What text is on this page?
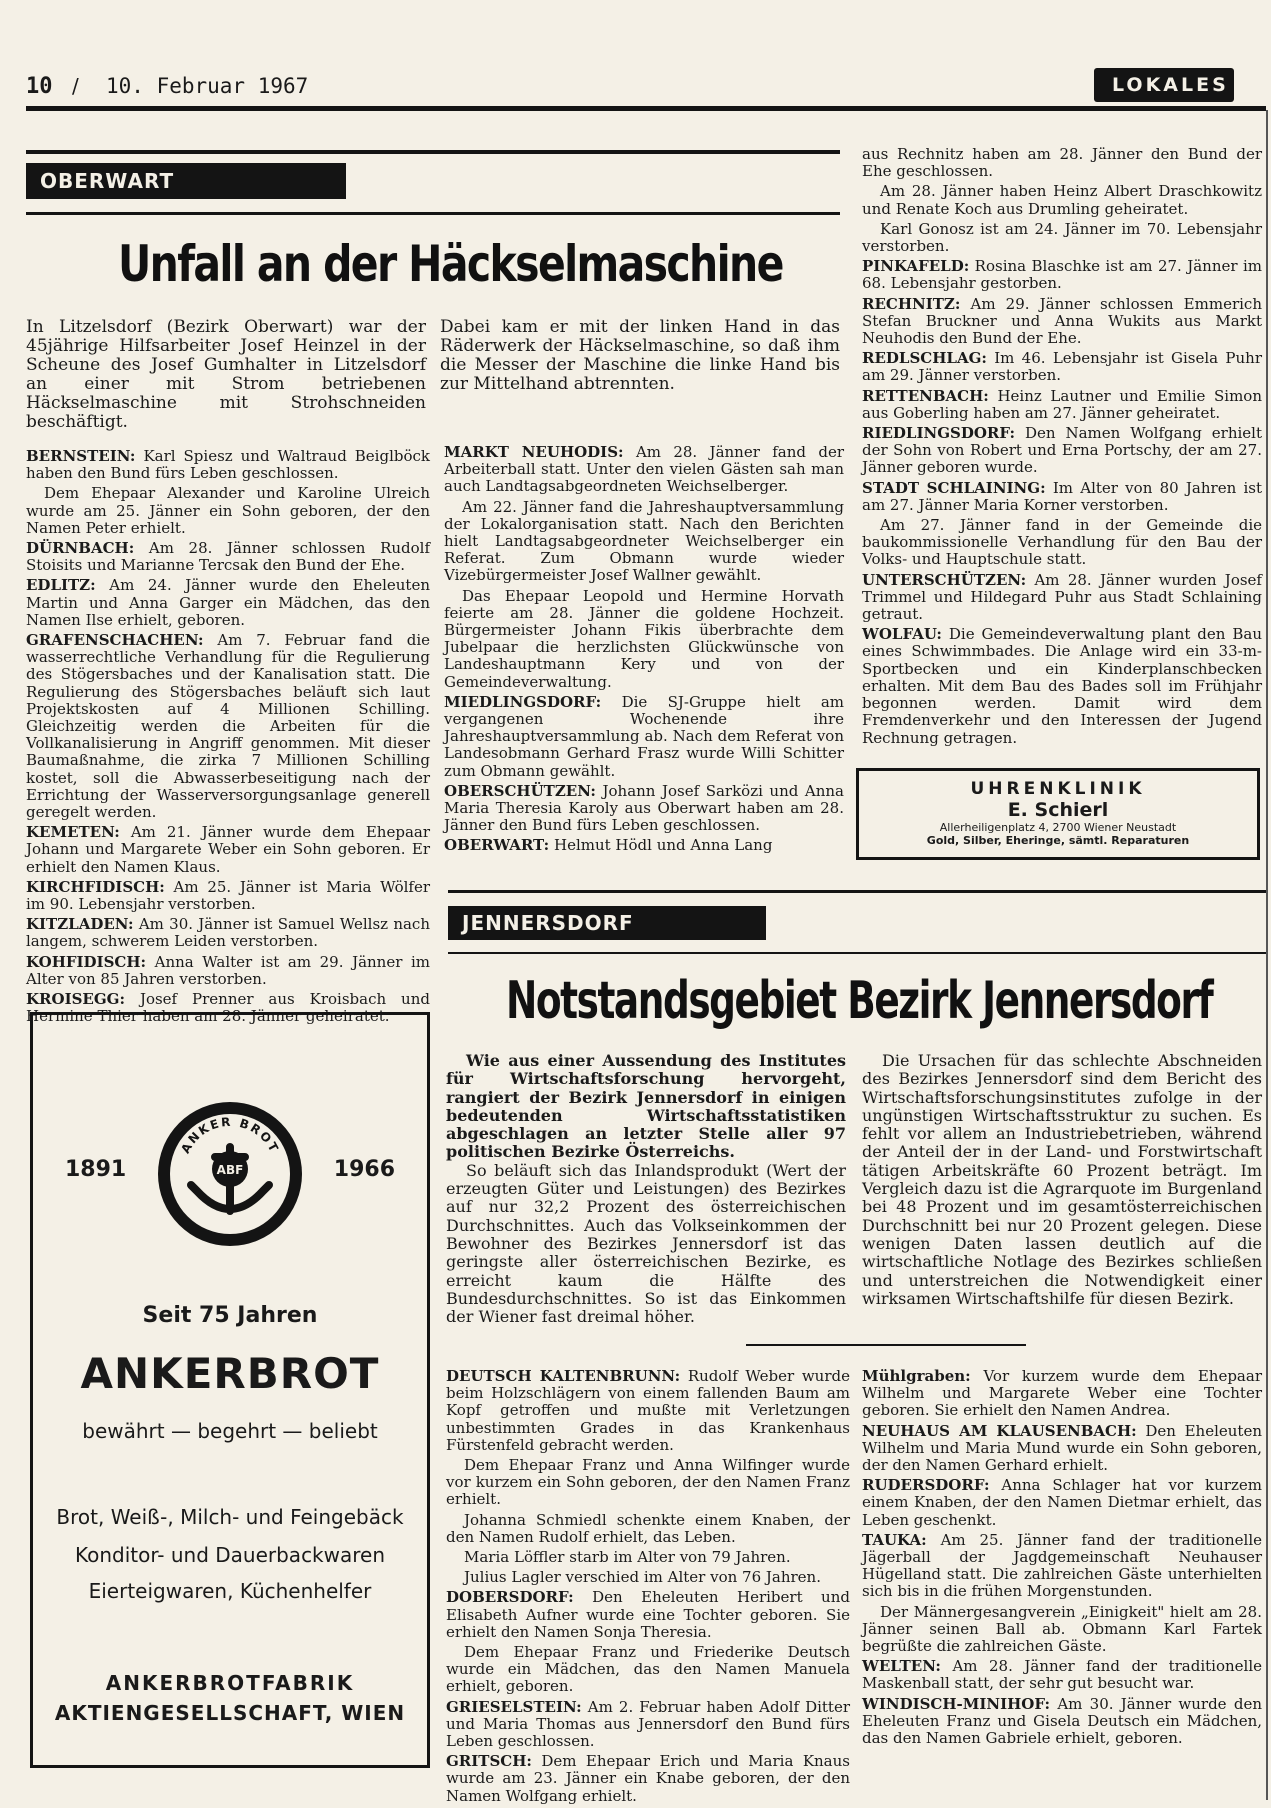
10 / 10. Februar 1967	LOKALES
OBERWART
Unfall an der Häckselmaschine

In Litzelsdorf (Bezirk Oberwart) war der 45jährige Hilfsarbeiter Josef Heinzel in der Scheune des Josef Gumhalter in Litzelsdorf an einer mit Strom betriebenen Häckselmaschine mit Strohschneiden beschäftigt.

Dabei kam er mit der linken Hand in das Räderwerk der Häckselmaschine, so daß ihm die Messer der Maschine die linke Hand bis zur Mittelhand abtrennten.

BERNSTEIN: Karl Spiesz und Waltraud Beiglböck haben den Bund fürs Leben geschlossen.

Dem Ehepaar Alexander und Karoline Ulreich wurde am 25. Jänner ein Sohn geboren, der den Namen Peter erhielt.

DÜRNBACH: Am 28. Jänner schlossen Rudolf Stoisits und Marianne Tercsak den Bund der Ehe.

EDLITZ: Am 24. Jänner wurde den Eheleuten Martin und Anna Garger ein Mädchen, das den Namen Ilse erhielt, geboren.

GRAFENSCHACHEN: Am 7. Februar fand die wasserrechtliche Verhandlung für die Regulierung des Stögersbaches und der Kanalisation statt. Die Regulierung des Stögersbaches beläuft sich laut Projektskosten auf 4 Millionen Schilling. Gleichzeitig werden die Arbeiten für die Vollkanalisierung in Angriff genommen. Mit dieser Baumaßnahme, die zirka 7 Millionen Schilling kostet, soll die Abwasserbeseitigung nach der Errichtung der Wasserversorgungsanlage generell geregelt werden.

KEMETEN: Am 21. Jänner wurde dem Ehepaar Johann und Margarete Weber ein Sohn geboren. Er erhielt den Namen Klaus.

KIRCHFIDISCH: Am 25. Jänner ist Maria Wölfer im 90. Lebensjahr verstorben.

KITZLADEN: Am 30. Jänner ist Samuel Wellsz nach langem, schwerem Leiden verstorben.

KOHFIDISCH: Anna Walter ist am 29. Jänner im Alter von 85 Jahren verstorben.

KROISEGG: Josef Prenner aus Kroisbach und Hermine Thier haben am 28. Jänner geheiratet.

MARKT NEUHODIS: Am 28. Jänner fand der Arbeiterball statt. Unter den vielen Gästen sah man auch Landtagsabgeordneten Weichselberger.

Am 22. Jänner fand die Jahreshauptversammlung der Lokalorganisation statt. Nach den Berichten hielt Landtagsabgeordneter Weichselberger ein Referat. Zum Obmann wurde wieder Vizebürgermeister Josef Wallner gewählt.

Das Ehepaar Leopold und Hermine Horvath feierte am 28. Jänner die goldene Hochzeit. Bürgermeister Johann Fikis überbrachte dem Jubelpaar die herzlichsten Glückwünsche von Landeshauptmann Kery und von der Gemeindeverwaltung.

MIEDLINGSDORF: Die SJ-Gruppe hielt am vergangenen Wochenende ihre Jahreshauptversammlung ab. Nach dem Referat von Landesobmann Gerhard Frasz wurde Willi Schitter zum Obmann gewählt.

OBERSCHÜTZEN: Johann Josef Sarközi und Anna Maria Theresia Karoly aus Oberwart haben am 28. Jänner den Bund fürs Leben geschlossen.

OBERWART: Helmut Hödl und Anna Lang

aus Rechnitz haben am 28. Jänner den Bund der Ehe geschlossen.

Am 28. Jänner haben Heinz Albert Draschkowitz und Renate Koch aus Drumling geheiratet.

Karl Gonosz ist am 24. Jänner im 70. Lebensjahr verstorben.

PINKAFELD: Rosina Blaschke ist am 27. Jänner im 68. Lebensjahr gestorben.

RECHNITZ: Am 29. Jänner schlossen Emmerich Stefan Bruckner und Anna Wukits aus Markt Neuhodis den Bund der Ehe.

REDLSCHLAG: Im 46. Lebensjahr ist Gisela Puhr am 29. Jänner verstorben.

RETTENBACH: Heinz Lautner und Emilie Simon aus Goberling haben am 27. Jänner geheiratet.

RIEDLINGSDORF: Den Namen Wolfgang erhielt der Sohn von Robert und Erna Portschy, der am 27. Jänner geboren wurde.

STADT SCHLAINING: Im Alter von 80 Jahren ist am 27. Jänner Maria Korner verstorben.

Am 27. Jänner fand in der Gemeinde die baukommissionelle Verhandlung für den Bau der Volks- und Hauptschule statt.

UNTERSCHÜTZEN: Am 28. Jänner wurden Josef Trimmel und Hildegard Puhr aus Stadt Schlaining getraut.

WOLFAU: Die Gemeindeverwaltung plant den Bau eines Schwimmbades. Die Anlage wird ein 33-m-Sportbecken und ein Kinderplanschbecken erhalten. Mit dem Bau des Bades soll im Frühjahr begonnen werden. Damit wird dem Fremdenverkehr und den Interessen der Jugend Rechnung getragen.

UHRENKLINIK
E. Schierl
Allerheiligenplatz 4, 2700 Wiener Neustadt
Gold, Silber, Eheringe, sämtl. Reparaturen
JENNERSDORF
Notstandsgebiet Bezirk Jennersdorf

Wie aus einer Aussendung des Institutes für Wirtschaftsforschung hervorgeht, rangiert der Bezirk Jennersdorf in einigen bedeutenden Wirtschaftsstatistiken abgeschlagen an letzter Stelle aller 97 politischen Bezirke Österreichs.

So beläuft sich das Inlandsprodukt (Wert der erzeugten Güter und Leistungen) des Bezirkes auf nur 32,2 Prozent des österreichischen Durchschnittes. Auch das Volkseinkommen der Bewohner des Bezirkes Jennersdorf ist das geringste aller österreichischen Bezirke, es erreicht kaum die Hälfte des Bundesdurchschnittes. So ist das Einkommen der Wiener fast dreimal höher.

Die Ursachen für das schlechte Abschneiden des Bezirkes Jennersdorf sind dem Bericht des Wirtschaftsforschungsinstitutes zufolge in der ungünstigen Wirtschaftsstruktur zu suchen. Es fehlt vor allem an Industriebetrieben, während der Anteil der in der Land- und Forstwirtschaft tätigen Arbeitskräfte 60 Prozent beträgt. Im Vergleich dazu ist die Agrarquote im Burgenland bei 48 Prozent und im gesamtösterreichischen Durchschnitt bei nur 20 Prozent gelegen. Diese wenigen Daten lassen deutlich auf die wirtschaftliche Notlage des Bezirkes schließen und unterstreichen die Notwendigkeit einer wirksamen Wirtschaftshilfe für diesen Bezirk.

DEUTSCH KALTENBRUNN: Rudolf Weber wurde beim Holzschlägern von einem fallenden Baum am Kopf getroffen und mußte mit Verletzungen unbestimmten Grades in das Krankenhaus Fürstenfeld gebracht werden.

Dem Ehepaar Franz und Anna Wilfinger wurde vor kurzem ein Sohn geboren, der den Namen Franz erhielt.

Johanna Schmiedl schenkte einem Knaben, der den Namen Rudolf erhielt, das Leben.

Maria Löffler starb im Alter von 79 Jahren.

Julius Lagler verschied im Alter von 76 Jahren.

DOBERSDORF: Den Eheleuten Heribert und Elisabeth Aufner wurde eine Tochter geboren. Sie erhielt den Namen Sonja Theresia.

Dem Ehepaar Franz und Friederike Deutsch wurde ein Mädchen, das den Namen Manuela erhielt, geboren.

GRIESELSTEIN: Am 2. Februar haben Adolf Ditter und Maria Thomas aus Jennersdorf den Bund fürs Leben geschlossen.

GRITSCH: Dem Ehepaar Erich und Maria Knaus wurde am 23. Jänner ein Knabe geboren, der den Namen Wolfgang erhielt.

Mühlgraben: Vor kurzem wurde dem Ehepaar Wilhelm und Margarete Weber eine Tochter geboren. Sie erhielt den Namen Andrea.

NEUHAUS AM KLAUSENBACH: Den Eheleuten Wilhelm und Maria Mund wurde ein Sohn geboren, der den Namen Gerhard erhielt.

RUDERSDORF: Anna Schlager hat vor kurzem einem Knaben, der den Namen Dietmar erhielt, das Leben geschenkt.

TAUKA: Am 25. Jänner fand der traditionelle Jägerball der Jagdgemeinschaft Neuhauser Hügelland statt. Die zahlreichen Gäste unterhielten sich bis in die frühen Morgenstunden.

Der Männergesangverein „Einigkeit" hielt am 28. Jänner seinen Ball ab. Obmann Karl Fartek begrüßte die zahlreichen Gäste.

WELTEN: Am 28. Jänner fand der traditionelle Maskenball statt, der sehr gut besucht war.

WINDISCH-MINIHOF: Am 30. Jänner wurde den Eheleuten Franz und Gisela Deutsch ein Mädchen, das den Namen Gabriele erhielt, geboren.

1891	1966
ANKER BROT
ABF
Seit 75 Jahren
ANKERBROT
bewährt — begehrt — beliebt
Brot, Weiß-, Milch- und Feingebäck
Konditor- und Dauerbackwaren
Eierteigwaren, Küchenhelfer
ANKERBROTFABRIK
AKTIENGESELLSCHAFT, WIEN
